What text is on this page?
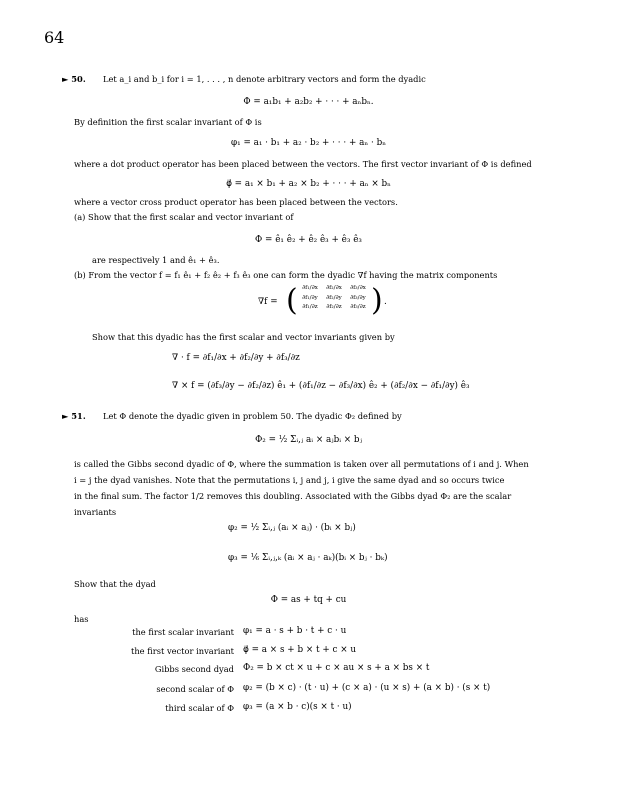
64
► 50. Let a_i and b_i for i = 1, . . . , n denote arbitrary vectors and form the dyadic
Φ = a₁b₁ + a₂b₂ + · · · + aₙbₙ.
By definition the first scalar invariant of Φ is
φ₁ = a₁ · b₁ + a₂ · b₂ + · · · + aₙ · bₙ
where a dot product operator has been placed between the vectors. The first vector invariant of Φ is defined
φ⃗ = a₁ × b₁ + a₂ × b₂ + · · · + aₙ × bₙ
where a vector cross product operator has been placed between the vectors.
(a) Show that the first scalar and vector invariant of
Φ = ê₁ ê₂ + ê₂ ê₃ + ê₃ ê₃
are respectively 1 and ê₁ + ê₃.
(b) From the vector f = f₁ ê₁ + f₂ ê₂ + f₃ ê₃ one can form the dyadic ∇f having the matrix components
∇f = ( ∂f₁/∂x ∂f₂/∂x ∂f₃/∂x
∂f₁/∂y ∂f₂/∂y ∂f₃/∂y
∂f₁/∂z ∂f₂/∂z ∂f₃/∂z ) .
Show that this dyadic has the first scalar and vector invariants given by
∇ · f = ∂f₁/∂x + ∂f₂/∂y + ∂f₃/∂z
∇ × f = (∂f₃/∂y − ∂f₂/∂z) ê₁ + (∂f₁/∂z − ∂f₃/∂x) ê₂ + (∂f₂/∂x − ∂f₁/∂y) ê₃
► 51. Let Φ denote the dyadic given in problem 50. The dyadic Φ₂ defined by
Φ₂ = ½ Σᵢ,ⱼ aᵢ × aⱼbᵢ × bⱼ
is called the Gibbs second dyadic of Φ, where the summation is taken over all permutations of i and j. When
i = j the dyad vanishes. Note that the permutations i, j and j, i give the same dyad and so occurs twice
in the final sum. The factor 1/2 removes this doubling. Associated with the Gibbs dyad Φ₂ are the scalar
invariants
φ₂ = ½ Σᵢ,ⱼ (aᵢ × aⱼ) · (bᵢ × bⱼ)
φ₃ = ⅙ Σᵢ,ⱼ,ₖ (aᵢ × aⱼ · aₖ)(bᵢ × bⱼ · bₖ)
Show that the dyad
Φ = as + tq + cu
has
the first scalar invariant φ₁ = a · s + b · t + c · u
the first vector invariant φ⃗ = a × s + b × t + c × u
Gibbs second dyad Φ₂ = b × ct × u + c × au × s + a × bs × t
second scalar of Φ φ₂ = (b × c) · (t · u) + (c × a) · (u × s) + (a × b) · (s × t)
third scalar of Φ φ₃ = (a × b · c)(s × t · u)
